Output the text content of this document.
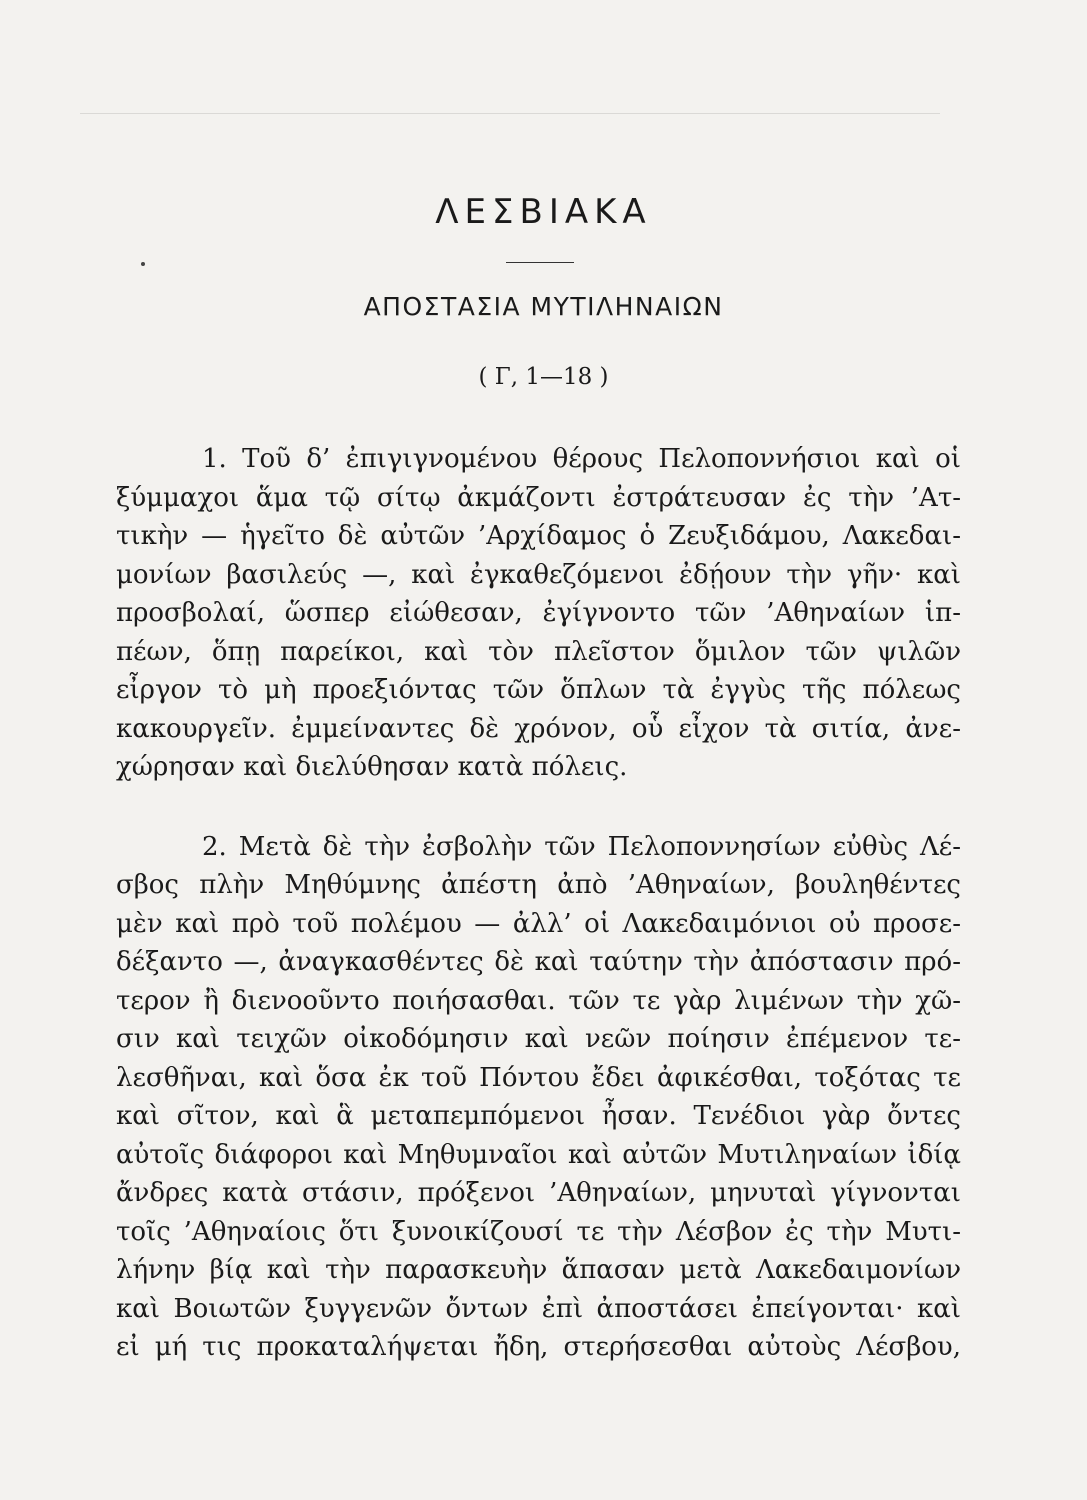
ΛΕΣΒΙΑΚΑ
ΑΠΟΣΤΑΣΙΑ ΜΥΤΙΛΗΝΑΙΩΝ
( Γ, 1—18 )
1. Τοῦ δ’ ἐπιγιγνομένου θέρους Πελοποννήσιοι καὶ οἱ
ξύμμαχοι ἅμα τῷ σίτῳ ἀκμάζοντι ἐστράτευσαν ἐς τὴν ’Ατ-
τικὴν — ἡγεῖτο δὲ αὐτῶν ’Αρχίδαμος ὁ Ζευξιδάμου, Λακεδαι-
μονίων βασιλεύς —, καὶ ἐγκαθεζόμενοι ἐδῄουν τὴν γῆν· καὶ
προσβολαί, ὥσπερ εἰώθεσαν, ἐγίγνοντο τῶν ’Αθηναίων ἱπ-
πέων, ὅπῃ παρείκοι, καὶ τὸν πλεῖστον ὅμιλον τῶν ψιλῶν
εἶργον τὸ μὴ προεξιόντας τῶν ὅπλων τὰ ἐγγὺς τῆς πόλεως
κακουργεῖν. ἐμμείναντες δὲ χρόνον, οὗ εἶχον τὰ σιτία, ἀνε-
χώρησαν καὶ διελύθησαν κατὰ πόλεις.
2. Μετὰ δὲ τὴν ἐσβολὴν τῶν Πελοποννησίων εὐθὺς Λέ-
σβος πλὴν Μηθύμνης ἀπέστη ἀπὸ ’Αθηναίων, βουληθέντες
μὲν καὶ πρὸ τοῦ πολέμου — ἀλλ’ οἱ Λακεδαιμόνιοι οὐ προσε-
δέξαντο —, ἀναγκασθέντες δὲ καὶ ταύτην τὴν ἀπόστασιν πρό-
τερον ἢ διενοοῦντο ποιήσασθαι. τῶν τε γὰρ λιμένων τὴν χῶ-
σιν καὶ τειχῶν οἰκοδόμησιν καὶ νεῶν ποίησιν ἐπέμενον τε-
λεσθῆναι, καὶ ὅσα ἐκ τοῦ Πόντου ἔδει ἀφικέσθαι, τοξότας τε
καὶ σῖτον, καὶ ἃ μεταπεμπόμενοι ἦσαν. Τενέδιοι γὰρ ὄντες
αὐτοῖς διάφοροι καὶ Μηθυμναῖοι καὶ αὐτῶν Μυτιληναίων ἰδίᾳ
ἄνδρες κατὰ στάσιν, πρόξενοι ’Αθηναίων, μηνυταὶ γίγνονται
τοῖς ’Αθηναίοις ὅτι ξυνοικίζουσί τε τὴν Λέσβον ἐς τὴν Μυτι-
λήνην βίᾳ καὶ τὴν παρασκευὴν ἅπασαν μετὰ Λακεδαιμονίων
καὶ Βοιωτῶν ξυγγενῶν ὄντων ἐπὶ ἀποστάσει ἐπείγονται· καὶ
εἰ μή τις προκαταλήψεται ἤδη, στερήσεσθαι αὐτοὺς Λέσβου,
